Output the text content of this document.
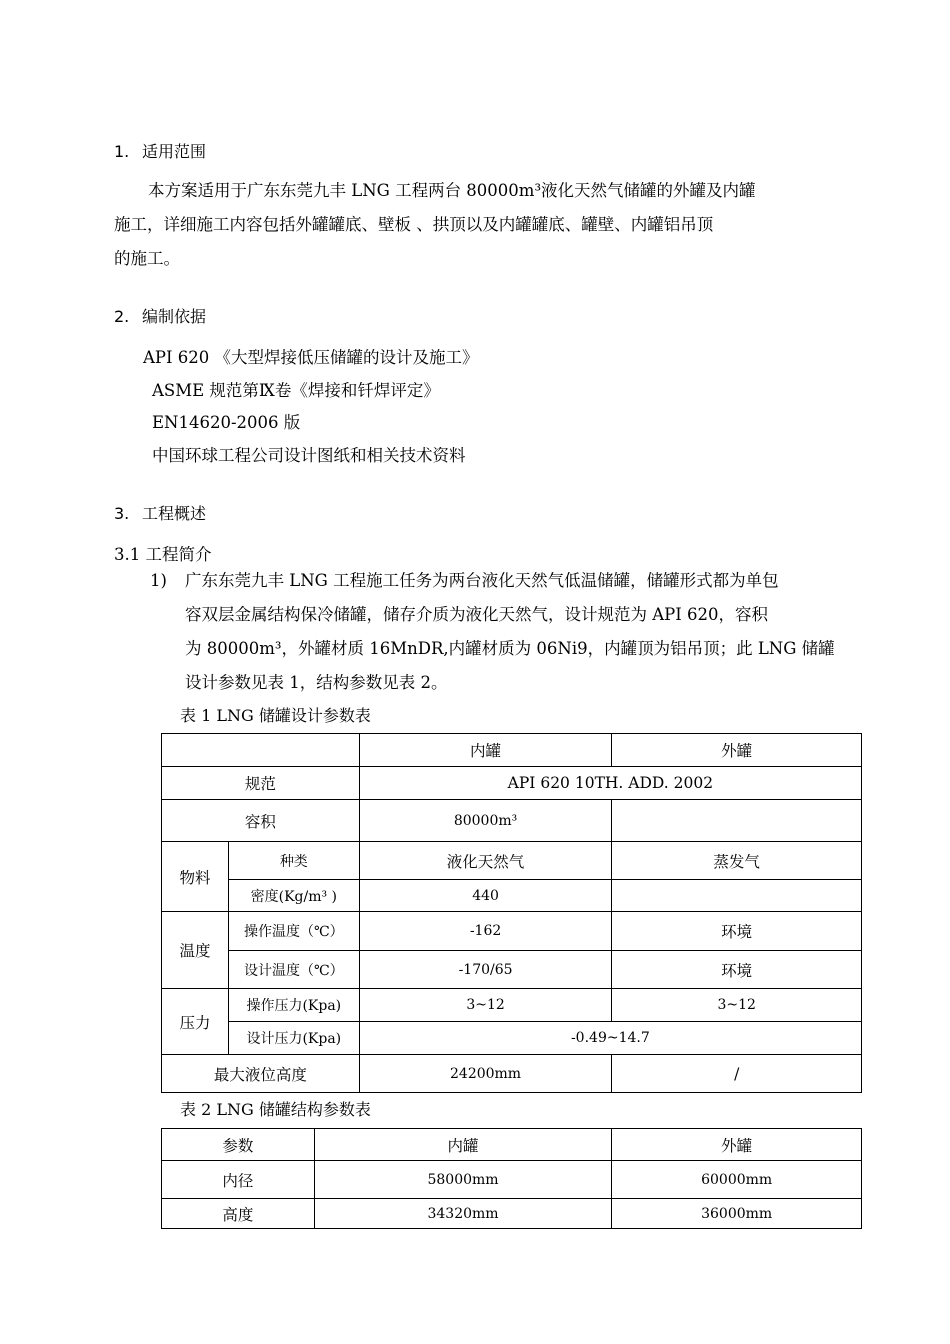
1. 适用范围
本方案适用于广东东莞九丰 LNG 工程两台 80000m³液化天然气储罐的外罐及内罐
施工，详细施工内容包括外罐罐底、壁板 、拱顶以及内罐罐底、罐壁、内罐铝吊顶
的施工。
2. 编制依据
API 620 《大型焊接低压储罐的设计及施工》
ASME 规范第Ⅸ卷《焊接和钎焊评定》
EN14620-2006 版
中国环球工程公司设计图纸和相关技术资料
3. 工程概述
3.1 工程简介
1) 广东东莞九丰 LNG 工程施工任务为两台液化天然气低温储罐，储罐形式都为单包
容双层金属结构保冷储罐，储存介质为液化天然气，设计规范为 API 620，容积
为 80000m³，外罐材质 16MnDR,内罐材质为 06Ni9，内罐顶为铝吊顶；此 LNG 储罐
设计参数见表 1，结构参数见表 2。
表 1 LNG 储罐设计参数表
		内罐	外罐
规范		API 620 10TH. ADD. 2002	
容积		80000m³	
物料	种类	液化天然气	蒸发气
	密度(Kg/m³ )	440	
温度	操作温度（℃）	-162	环境
	设计温度（℃）	-170/65	环境
压力	操作压力(Kpa)	3~12	3~12
	设计压力(Kpa)	-0.49~14.7	
最大液位高度		24200mm	/
表 2 LNG 储罐结构参数表
参数	内罐	外罐
内径	58000mm	60000mm
高度	34320mm	36000mm
